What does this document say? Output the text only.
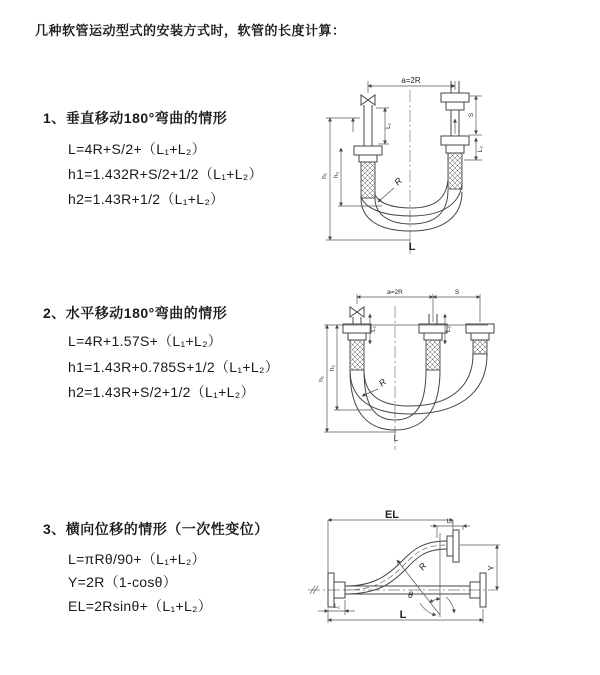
几种软管运动型式的安装方式时，软管的长度计算：
1、垂直移动180°弯曲的情形
L=4R+S/2+（L₁+L₂）
h1=1.432R+S/2+1/2（L₁+L₂）
h2=1.43R+1/2（L₁+L₂）
2、水平移动180°弯曲的情形
L=4R+1.57S+（L₁+L₂）
h1=1.43R+0.785S+1/2（L₁+L₂）
h2=1.43R+S/2+1/2（L₁+L₂）
3、横向位移的情形（一次性变位）
L=πRθ/90+（L₁+L₂）
Y=2R（1-cosθ）
EL=2Rsinθ+（L₁+L₂）
a=2R
h₁ h₂
L₁
S
L₂
R
L
a=2R	S
L₁	L₂
h₁
h₂
R
L
EL
L₂
Y
R
θ
L
L₁
